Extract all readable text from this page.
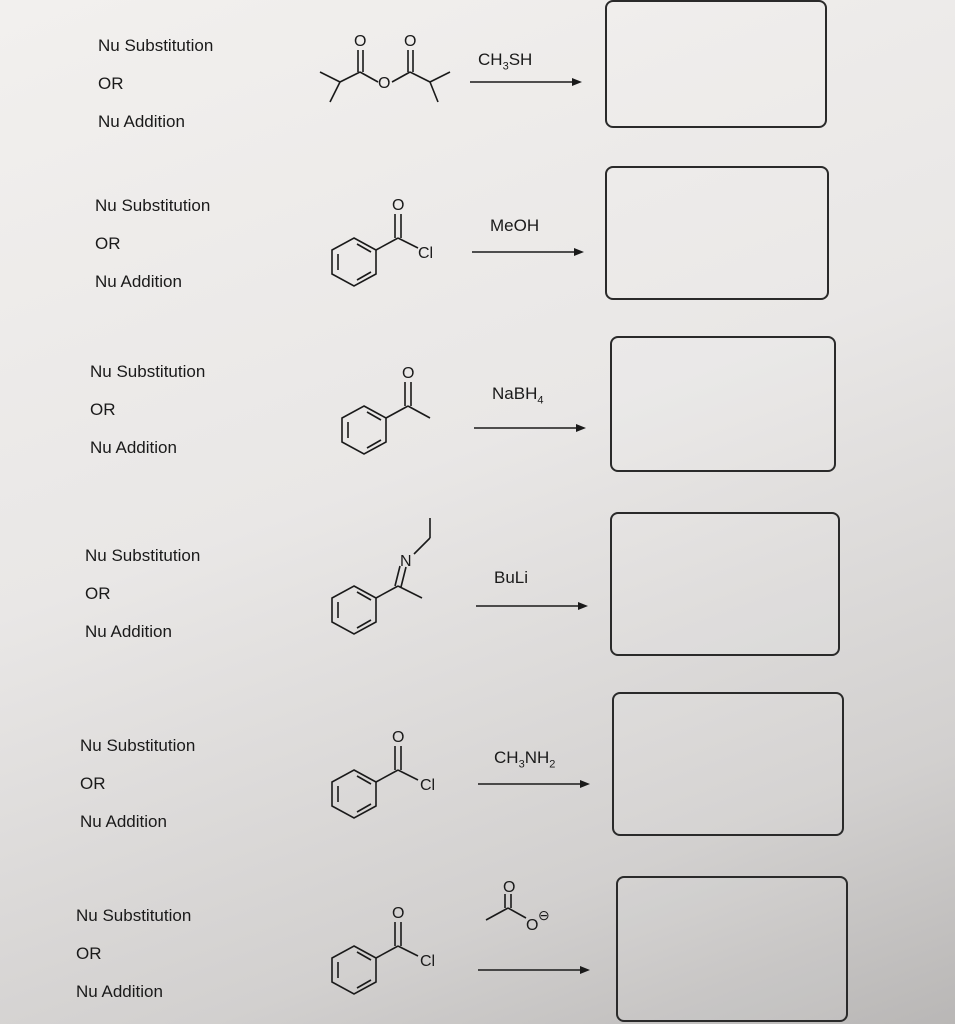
Nu Substitution
OR
Nu Addition
O O
O
$CH_3SH$
Nu Substitution
OR
Nu Addition
O
Cl
MeOH
Nu Substitution
OR
Nu Addition
O
NaBH$_4$
Nu Substitution
OR
Nu Addition
N
BuLi
Nu Substitution
OR
Nu Addition
O
Cl
$CH_3NH_2$
Nu Substitution
OR
Nu Addition
O
Cl
O
O
⊖
